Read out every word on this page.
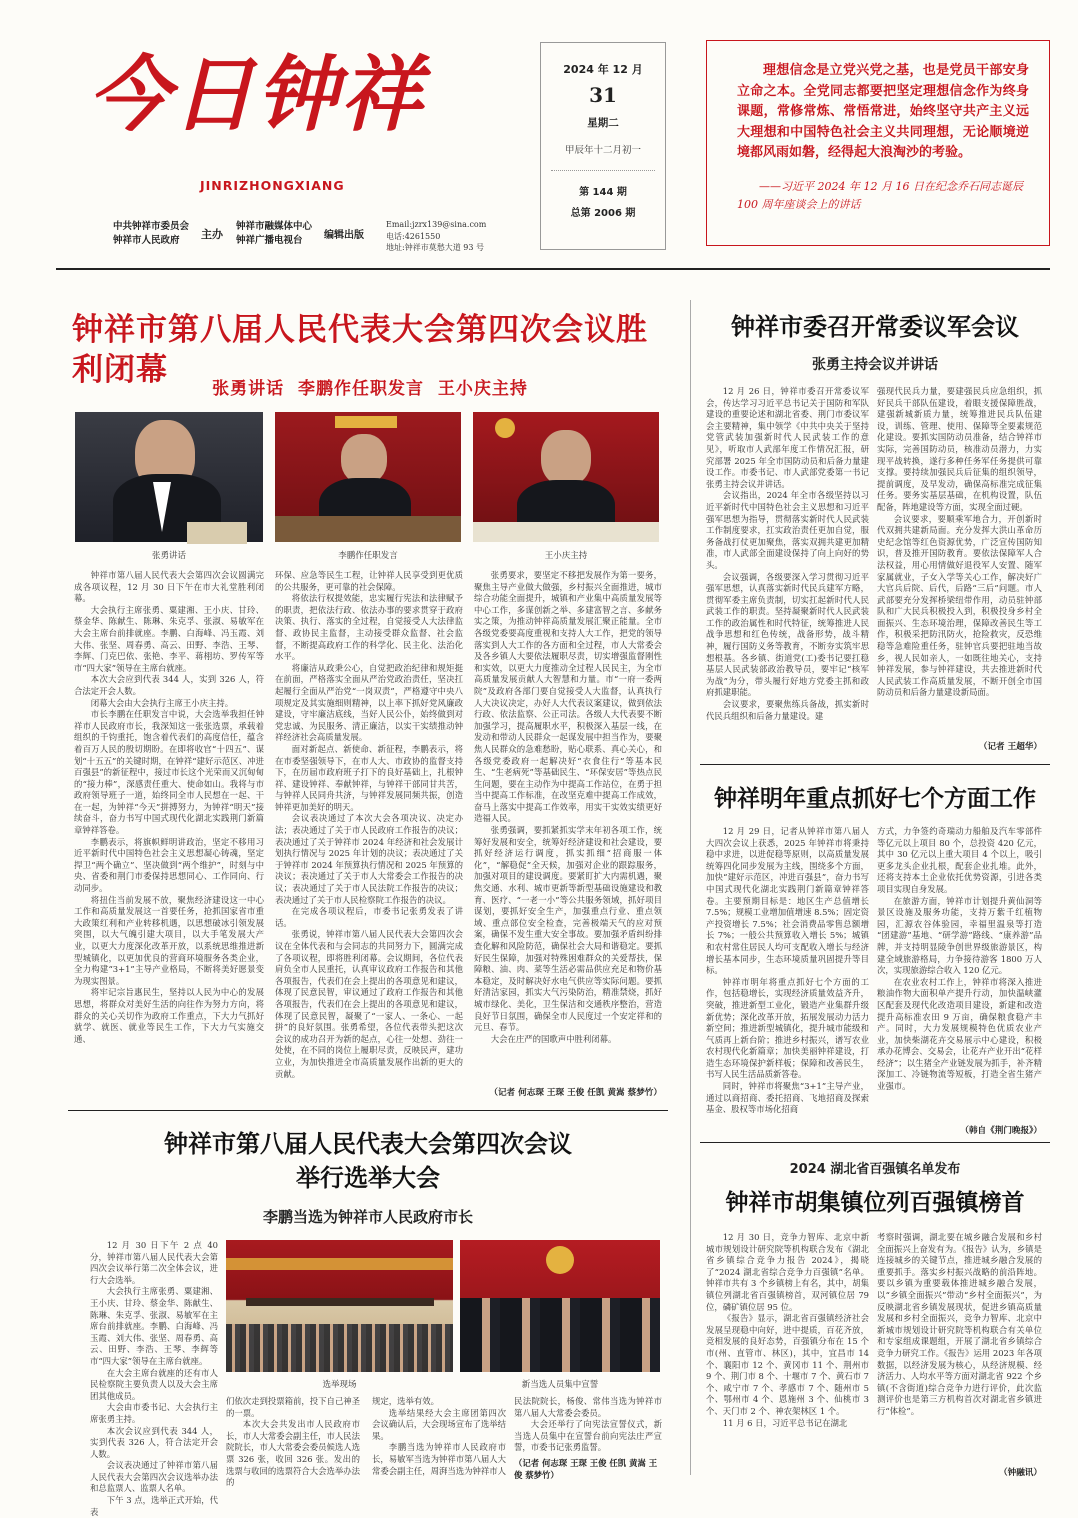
今日钟祥
JINRIZHONGXIANG
中共钟祥市委员会
钟祥市人民政府	主办
钟祥市融媒体中心
钟祥广播电视台	编辑出版
Email:jzrx139@sina.com
电话:4261550
地址:钟祥市莫愁大道 93 号
2024 年 12 月
31
星期二
甲辰年十二月初一
第 144 期
总第 2006 期
理想信念是立党兴党之基，也是党员干部安身立命之本。全党同志都要把坚定理想信念作为终身课题，常修常炼、常悟常进，始终坚守共产主义远大理想和中国特色社会主义共同理想，无论顺境逆境都风雨如磐，经得起大浪淘沙的考验。
——习近平 2024 年 12 月 16 日在纪念乔石同志诞辰 100 周年座谈会上的讲话
钟祥市第八届人民代表大会第四次会议胜利闭幕
张勇讲话  李鹏作任职发言  王小庆主持
张勇讲话	李鹏作任职发言	王小庆主持

钟祥市第八届人民代表大会第四次会议圆满完成各项议程，12 月 30 日下午在市大礼堂胜利闭幕。

大会执行主席张勇、粟建湘、王小庆、甘玲、蔡金华、陈献生、陈琳、朱克孚、张淑、易敏军在大会主席台前排就座。李鹏、白海峰、冯玉霞、刘大伟、张坚、周春勇、高云、田野、李浩、王琴、李辉、门克巴依、张艳、李平、蒋栩坊、罗传军等市“四大家”领导在主席台就座。

本次大会应到代表 344 人，实到 326 人，符合法定开会人数。

闭幕大会由大会执行主席王小庆主持。

市长李鹏在任职发言中说，大会选举我担任钟祥市人民政府市长，我深知这一张张选票，承载着组织的千钧重托，饱含着代表们的高度信任，蕴含着百万人民的殷切期盼。在即将收官“十四五”、谋划“十五五”的关键时期，在钟祥“建好示范区、冲进百强县”的新征程中，接过市长这个光荣而又沉甸甸的“接力棒”，深感责任重大、使命如山。我将与市政府领导班子一道，始终同全市人民想在一起、干在一起，为钟祥“今天”拼搏努力，为钟祥“明天”接续奋斗，奋力书写中国式现代化湖北实践荆门新篇章钟祥答卷。

李鹏表示，将旗帜鲜明讲政治，坚定不移用习近平新时代中国特色社会主义思想凝心铸魂，坚定捍卫“两个确立”、坚决做到“两个维护”，时刻与中央、省委和荆门市委保持思想同心、工作同向、行动同步。

将扭住当前发展不放，聚焦经济建设这一中心工作和高质量发展这一首要任务，抢抓国家省市重大政策红利和产业转移机遇，以思想破冰引领发展突围，以大气魄引建大项目，以大手笔发展大产业，以更大力度深化改革开放，以系统思维推进新型城镇化，以更加优良的营商环境服务各类企业，全力构建“3+1”主导产业格局，不断将美好愿景变为现实图景。

将牢记宗旨惠民生，坚持以人民为中心的发展思想，将群众对美好生活的向往作为努力方向，将群众的关心关切作为政府工作重点，下大力气抓好就学、就医、就业等民生工作，下大力气实施交通、

环保、应急等民生工程，让钟祥人民享受到更优质的公共服务，更可靠的社会保障。

将依法行权提效能，忠实履行宪法和法律赋予的职责，把依法行政、依法办事的要求贯穿于政府决策、执行、落实的全过程，自觉接受人大法律监督、政协民主监督，主动接受群众监督、社会监督，不断提高政府工作的科学化、民主化、法治化水平。

将廉洁从政秉公心，自觉把政治纪律和规矩挺在前面，严格落实全面从严治党政治责任，坚决扛起履行全面从严治党“一岗双责”，严格遵守中央八项规定及其实施细则精神，以上率下抓好党风廉政建设，守牢廉洁底线，当好人民公仆，始终做到对党忠诚、为民服务、清正廉洁，以实干实绩推动钟祥经济社会高质量发展。

面对新起点、新使命、新征程，李鹏表示，将在市委坚强领导下，在市人大、市政协的监督支持下，在历届市政府班子打下的良好基础上，扎根钟祥、建设钟祥、奉献钟祥，与钟祥干部同甘共苦，与钟祥人民同舟共济，与钟祥发展同频共振，创造钟祥更加美好的明天。

会议表决通过了本次大会各项决议、决定办法；表决通过了关于市人民政府工作报告的决议；表决通过了关于钟祥市 2024 年经济和社会发展计划执行情况与 2025 年计划的决议；表决通过了关于钟祥市 2024 年预算执行情况和 2025 年预算的决议；表决通过了关于市人大常委会工作报告的决议；表决通过了关于市人民法院工作报告的决议；表决通过了关于市人民检察院工作报告的决议。

在完成各项议程后，市委书记张勇发表了讲话。

张勇说，钟祥市第八届人民代表大会第四次会议在全体代表和与会同志的共同努力下，圆满完成了各项议程，即将胜利闭幕。会议期间，各位代表肩负全市人民重托，认真审议政府工作报告和其他各项报告，代表们在会上提出的各项意见和建议，体现了民意民智，审议通过了政府工作报告和其他各项报告，代表们在会上提出的各项意见和建议，体现了民意民智，凝聚了“一家人、一条心、一起拼”的良好氛围。张勇希望，各位代表带头把这次会议的成功召开为新的起点，心往一处想、劲往一处使，在不同的岗位上履职尽责，反映民声，建功立业，为加快推进全市高质量发展作出新的更大的贡献。

张勇要求，要坚定不移把发展作为第一要务，聚焦主导产业做大做强，乡村振兴全面推进，城市综合功能全面提升，城镇和产业集中高质量发展等中心工作，多谋创新之举、多建富智之言、多献务实之策，为推动钟祥高质量发展汇聚正能量。全市各级党委要高度重视和支持人大工作，把党的领导落实到人大工作的各方面和全过程，市人大常委会及各乡镇人大要依法履职尽责，切实增强监督刚性和实效，以更大力度推动全过程人民民主，为全市高质量发展贡献人大智慧和力量。市“一府一委两院”及政府各部门要自觉接受人大监督，认真执行人大决议决定，办好人大代表议案建议，做到依法行政、依法监察、公正司法。各级人大代表要不断加强学习，提高履职水平，积极深入基层一线，在发动和带动人民群众一起谋发展中担当作为，要聚焦人民群众的急难愁盼，贴心联系、真心关心，和各级党委政府一起解决好“衣食住行”等基本民生、“生老病死”等基础民生、“环保安居”等热点民生问题，要在主动作为中提高工作站位，在勇于担当中提高工作标准，在改坚克难中提高工作成效，奋马上落实中提高工作效率，用实干实效实绩更好造福人民。

张勇强调，要抓紧抓实学末年初各项工作，统筹好发展和安全，统筹好经济建设和社会建设，要抓好经济运行调度，抓实抓细“招商服一体化”，“解稳促”全天候，加强对企业的跟踪服务，加强对项目的建设调度。要紧盯扩大内需机遇，聚焦交通、水利、城市更新等新型基础设施建设和教育、医疗、“一老一小”等公共服务领域，抓好项目谋划，要抓好安全生产，加强重点行业、重点领域、重点部位安全检查，完善极端天气的应对预案，确保不发生重大安全事故。要加强矛盾纠纷排查化解和风险防范，确保社会大局和谐稳定。要抓好民生保障，加强对特殊困难群众的关爱帮扶，保障粮、油、肉、菜等生活必需品供应充足和物价基本稳定，及时解决好水电气供应等实际问题。要抓好清洁家园，抓实大气污染防治，精准禁烧，抓好城市绿化、美化，卫生保洁和交通秩序整治，营造良好节日氛围，确保全市人民度过一个安定祥和的元旦、春节。

大会在庄严的国歌声中胜利闭幕。

（记者 何志琛 王琛 王俊 任凯 黄嵩 蔡梦竹）
钟祥市第八届人民代表大会第四次会议
举行选举大会
李鹏当选为钟祥市人民政府市长

12 月 30 日下午 2 点 40 分，钟祥市第八届人民代表大会第四次会议举行第二次全体会议，进行大会选举。

大会执行主席张勇、粟建湘、王小庆、甘玲、蔡金华、陈献生、陈琳、朱克孚、张淑、易敏军在主席台前排就座。李鹏、白海峰、冯玉霞、刘大伟、张坚、周春勇、高云、田野、李浩、王琴、李辉等市“四大家”领导在主席台就座。

在大会主席台就座的还有市人民检察院主要负责人以及大会主席团其他成员。

大会由市委书记、大会执行主席张勇主持。

本次会议应到代表 344 人，实到代表 326 人，符合法定开会人数。

会议表决通过了钟祥市第八届人民代表大会第四次会议选举办法和总监票人、监票人名单。

下午 3 点，选举正式开始，代表

选举现场	新当选人员集中宣誓

们依次走到投票箱前，投下自己神圣的一票。

本次大会共发出市人民政府市长，市人大常委会副主任，市人民法院院长，市人大常委会委员候选人选票 326 张，收回 326 张。发出的选票与收回的选票符合大会选举办法的

规定，选举有效。

选举结果经大会主席团第四次会议确认后，大会现场宣布了选举结果。

李鹏当选为钟祥市人民政府市长，易敏军当选为钟祥市第八届人大常委会副主任，周湃当选为钟祥市人

民法院院长，杨俊、常伟当选为钟祥市第八届人大常委会委员。

大会还举行了向宪法宣誓仪式，新当选人员集中在宣誓台前向宪法庄严宣誓，市委书记张勇监誓。

（记者 何志琛 王琛 王俊 任凯 黄嵩 王俊 蔡梦竹）
钟祥市委召开常委议军会议
张勇主持会议并讲话

12 月 26 日，钟祥市委召开常委议军会，传达学习习近平总书记关于国防和军队建设的重要论述和湖北省委、荆门市委议军会主要精神，集中领学《中共中央关于坚持党管武装加强新时代人民武装工作的意见》，听取市人武部年度工作情况汇报，研究部署 2025 年全市国防动员和后备力量建设工作。市委书记、市人武部党委第一书记张勇主持会议并讲话。

会议指出，2024 年全市各级坚持以习近平新时代中国特色社会主义思想和习近平强军思想为指导，贯彻落实新时代人民武装工作制度要求，扛实政治责任更加自觉，服务备战打仗更加聚焦，落实双拥共建更加精准，市人武部全面建设保持了向上向好的势头。

会议强调，各级要深入学习贯彻习近平强军思想，认真落实新时代民兵建军方略，贯彻军委主席负责制，切实扛起新时代人民武装工作的职责。坚持凝聚新时代人民武装工作的政治属性和时代特征，统筹推进人民战争思想和红色传统，战备形势，战斗精神，履行国防义务等教育，不断夯实筑牢思想根基。各乡镇、街道党(工)委书记要扛稳基层人民武装部政治教导员，要牢记“核军为战”为分，带头履行好地方党委主抓和政府抓建职能。

会议要求，要聚焦练兵备战，抓实新时代民兵组织和后备力量建设。建

强现代民兵力量，要建强民兵应急组织，抓好民兵干部队伍建设，着眼支援保障胜战，建强新城新质力量，统筹推进民兵队伍建设，训练、管理、使用、保障等全要素规范化建设。要抓实国防动员准备，结合钟祥市实际，完善国防动员，核准动员潜力，力实现平战转换，遂行多种任务军任务提供可靠支撑。要持续加强民兵后征集的组织领导，提前调度，及早发动，确保高标准完成征集任务。要务实基层基础，在机构设置，队伍配备，阵地建设等方面，实现全面过硬。

会议要求，要顺乘军地合力，开创新时代双拥共建新局面。充分发挥大洪山革命历史纪念馆等红色资源优势，广泛宣传国防知识，普及推开国防教育。要依法保障军人合法权益，用心用情做好退役军人安置、随军家属就业，子女入学等关心工作，解决好广大官兵后院、后代，后路“三后”问题。市人武部要充分发挥桥梁纽带作用，动员驻钟部队和广大民兵积极投入到，积极投身乡村全面振兴、生态环境治理，保障改善民生等工作，积极采把防汛防火，抢险救灾，反恐维稳等急难险重任务，驻钟官兵要把驻地当故乡，视人民如亲人，一如既往地关心，支持钟祥发展，参与钟祥建设，共去推进新时代人民武装工作高质量发展，不断开创全市国防动员和后备力量建设新局面。

（记者 王超华）
钟祥明年重点抓好七个方面工作

12 月 29 日，记者从钟祥市第八届人大四次会议上获悉，2025 年钟祥市将秉持稳中求进，以进促稳等原则，以高质量发展统筹四化同步发展为主线，围绕多个方面，加快“建好示范区，冲进百强县”，奋力书写中国式现代化湖北实践荆门新篇章钟祥答卷。主要预期目标是：地区生产总值增长 7.5%；规模工业增加值增速 8.5%；固定资产投资增长 7.5%；社会消费品零售总额增长 7%；一般公共预算收入增长 5%；城镇和农村常住居民人均可支配收入增长与经济增长基本同步，生态环境质量巩固提升等目标。

钟祥市明年将重点抓好七个方面的工作，包括稳增长，实现经济质量效益齐升，突破，推进新型工业化，锻造产业集群升级新优势；深化改革开放，拓展发展动力活力新空间；推进新型城镇化，提升城市能级和气质再上新台阶；推进乡村振兴，谱写农业农村现代化新篇章；加快美丽钟祥建设，打造生态环境保护新样板；保障和改善民生，书写人民生活品质新答卷。

同时，钟祥市将聚焦“3+1”主导产业，通过以商招商、委托招商、飞地招商及探索基金、股权等市场化招商

方式，力争签约奇瑞动力船舶及汽车零部件等亿元以上项目 80 个，总投资 420 亿元，其中 30 亿元以上重大项目 4 个以上，吸引更多龙头企业扎根，配套企业扎堆。此外，还将支持本土企业依托优势资源，引进各类项目实现自身发展。

在旅游方面，钟祥市计划提升黄仙洞等景区设施及服务功能，支持万紫千红植物园，汇源农谷体验园，幸福里温泉等打造 “团建游”基地、“研学游”路线、“康养游”品牌，并支持明显陵争创世界级旅游景区，构建全域旅游格局，力争接待游客 1800 万人次，实现旅游综合收入 120 亿元。

在农业农村工作上，钟祥市将深入推进粮油作物大面积单产提升行动，加快温峡灌区配套及现代化改造项目建设，新建和改造提升高标准农田 9 万亩，确保粮食稳产丰产。同时，大力发展规模特色优质农业产业，加快柴湖花卉交易展示中心建设，积极承办花博会、交易会，让花卉产业开出“花样经济”；以生猪全产业链发展为抓手，补齐精深加工、冷链物流等短板，打造全省生猪产业强市。

（韩自《荆门晚报》）
2024 湖北省百强镇名单发布
钟祥市胡集镇位列百强镇榜首

12 月 30 日，竞争力智库、北京中新城市规划设计研究院等机构联合发布《湖北省乡镇综合竞争力报告 2024》，揭晓了“2024 湖北省综合竞争力百强镇”名单。钟祥市共有 3 个乡镇榜上有名，其中，胡集镇位列湖北省百强镇榜首，双河镇位居 79 位，磷矿镇位居 95 位。

《报告》显示，湖北省百强镇经济社会发展呈现稳中向好，进中提质，百花齐放，竞相发展的良好态势，百强镇分布在 15 个市(州、直管市、林区)，其中，宜昌市 14 个、襄阳市 12 个、黄冈市 11 个、荆州市 9 个、荆门市 8 个、十堰市 7 个、黄石市 7 个、咸宁市 7 个、孝感市 7 个、随州市 5 个、鄂州市 4 个、恩施州 3 个、仙桃市 3 个、天门市 2 个、神农架林区 1 个。

11 月 6 日，习近平总书记在湖北

考察时强调，湖北要在城乡融合发展和乡村全面振兴上奋发有为。《报告》认为，乡镇是连接城乡的关键节点，推进城乡融合发展的重要抓手。落实乡村振兴战略的前沿阵地。要以乡镇为重要载体推进城乡融合发展，以“乡镇全面振兴”带动“乡村全面振兴”，为反映湖北省乡镇发展现状，促进乡镇高质量发展和乡村全面振兴，竞争力智库、北京中新城市规划设计研究院等机构联合有关单位和专家组成课题组，开展了湖北省乡镇综合竞争力研究工作。《报告》运用 2023 年各项数据，以经济发展为核心，从经济规模、经济活力、人均水平等方面对湖北省 922 个乡镇(不含街道)综合竞争力进行评价，此次监测评价也是第三方机构首次对湖北省乡镇进行“体检”。

（钟融讯）
